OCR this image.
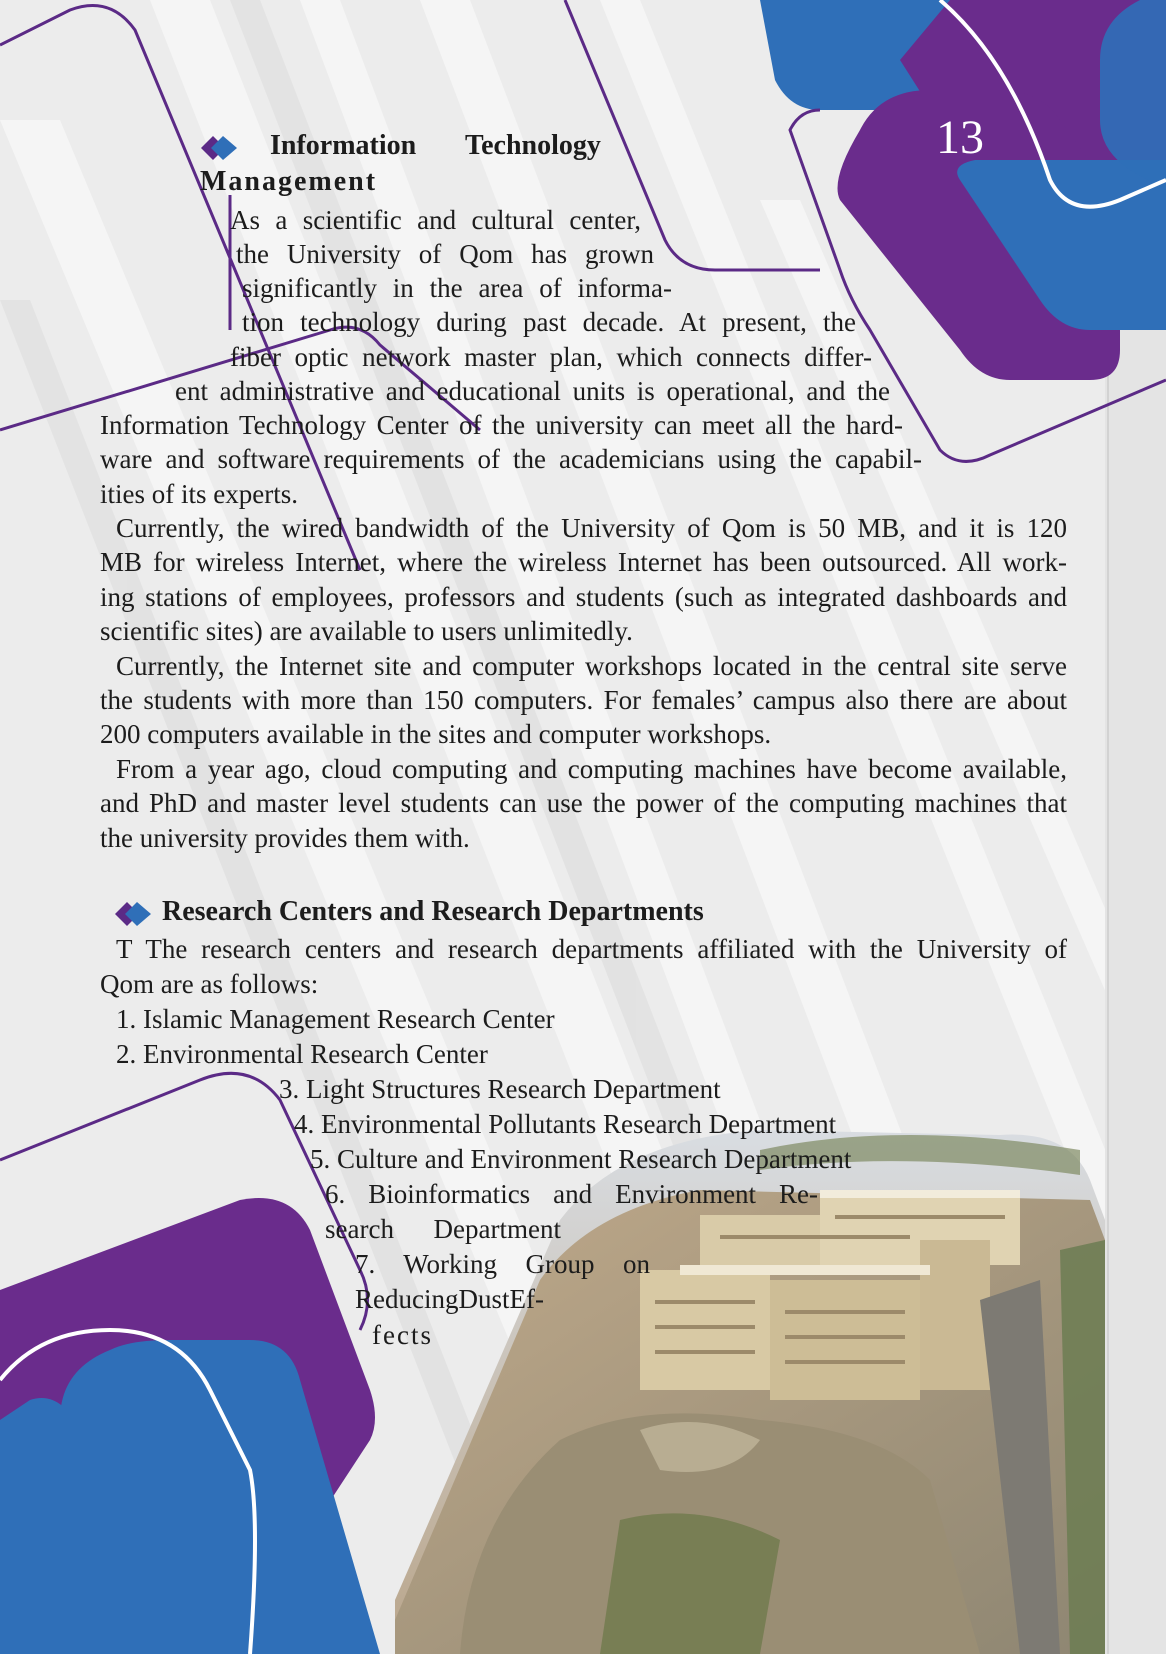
13
Information Technology
Management

As a scientific and cultural center,

the University of Qom has grown

significantly in the area of informa-

tion technology during past decade. At present, the

fiber optic network master plan, which connects differ-

ent administrative and educational units is operational, and the

Information Technology Center of the university can meet all the hard-

ware and software requirements of the academicians using the capabil-

ities of its experts.

Currently, the wired bandwidth of the University of Qom is 50 MB, and it is 120

MB for wireless Internet, where the wireless Internet has been outsourced. All work-

ing stations of employees, professors and students (such as integrated dashboards and

scientific sites) are available to users unlimitedly.

Currently, the Internet site and computer workshops located in the central site serve

the students with more than 150 computers. For females’ campus also there are about

200 computers available in the sites and computer workshops.

From a year ago, cloud computing and computing machines have become available,

and PhD and master level students can use the power of the computing machines that

the university provides them with.

Research Centers and Research Departments

T The research centers and research departments affiliated with the University of

Qom are as follows:

1. Islamic Management Research Center

2. Environmental Research Center

3. Light Structures Research Department

4. Environmental Pollutants Research Department

5. Culture and Environment Research Department

6. Bioinformatics and Environment Re-

search Department

7. Working Group on

ReducingDustEf-

fects
